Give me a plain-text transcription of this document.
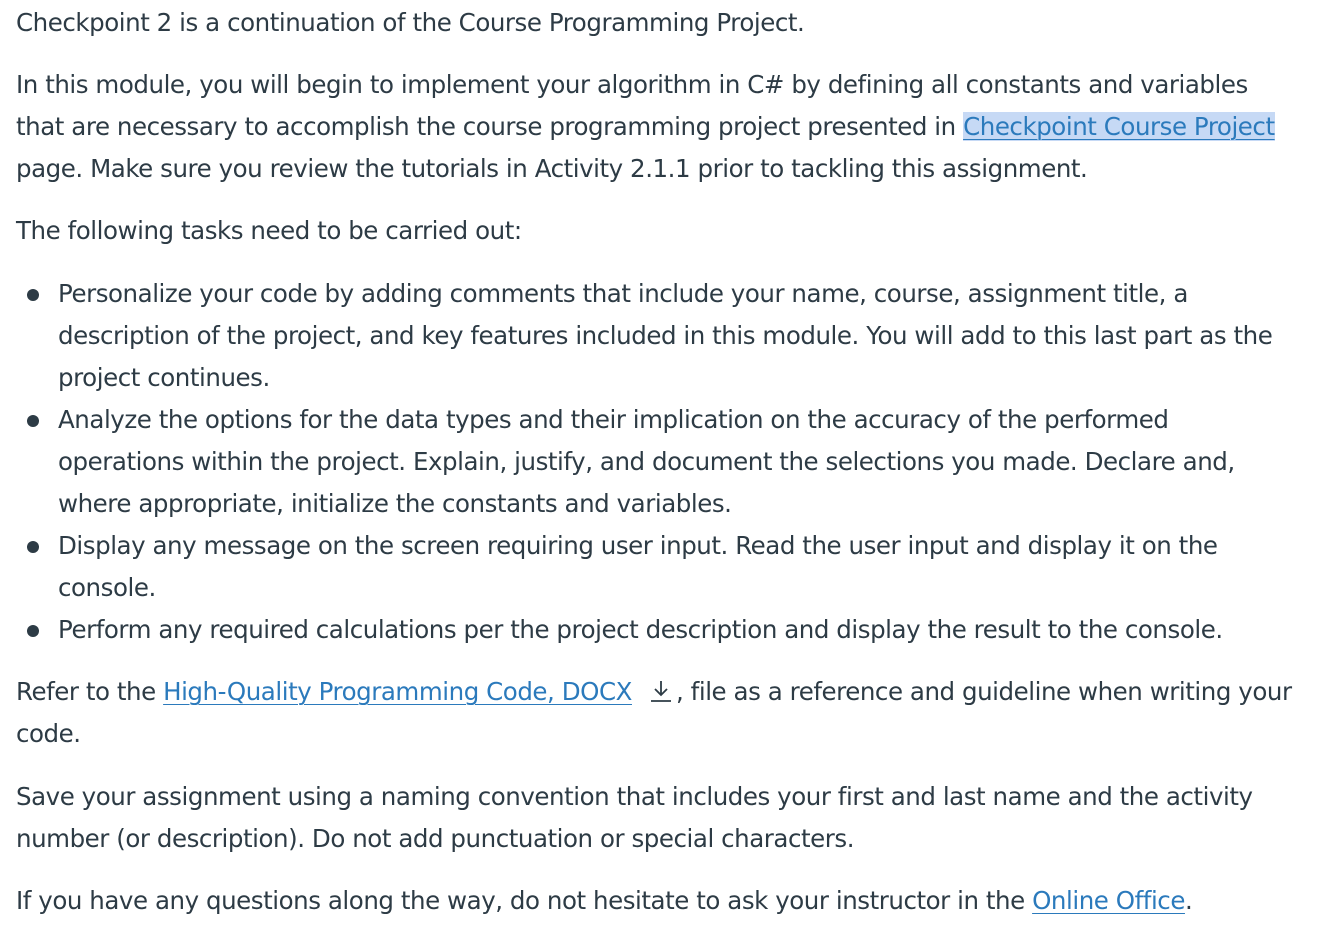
Checkpoint 2 is a continuation of the Course Programming Project.

In this module, you will begin to implement your algorithm in C# by defining all constants and variables that are necessary to accomplish the course programming project presented in Checkpoint Course Project page. Make sure you review the tutorials in Activity 2.1.1 prior to tackling this assignment.

The following tasks need to be carried out:

Personalize your code by adding comments that include your name, course, assignment title, a description of the project, and key features included in this module. You will add to this last part as the project continues.
Analyze the options for the data types and their implication on the accuracy of the performed operations within the project. Explain, justify, and document the selections you made. Declare and, where appropriate, initialize the constants and variables.
Display any message on the screen requiring user input. Read the user input and display it on the console.
Perform any required calculations per the project description and display the result to the console.

Refer to the High-Quality Programming Code, DOCX , file as a reference and guideline when writing your code.

Save your assignment using a naming convention that includes your first and last name and the activity number (or description). Do not add punctuation or special characters.

If you have any questions along the way, do not hesitate to ask your instructor in the Online Office.
